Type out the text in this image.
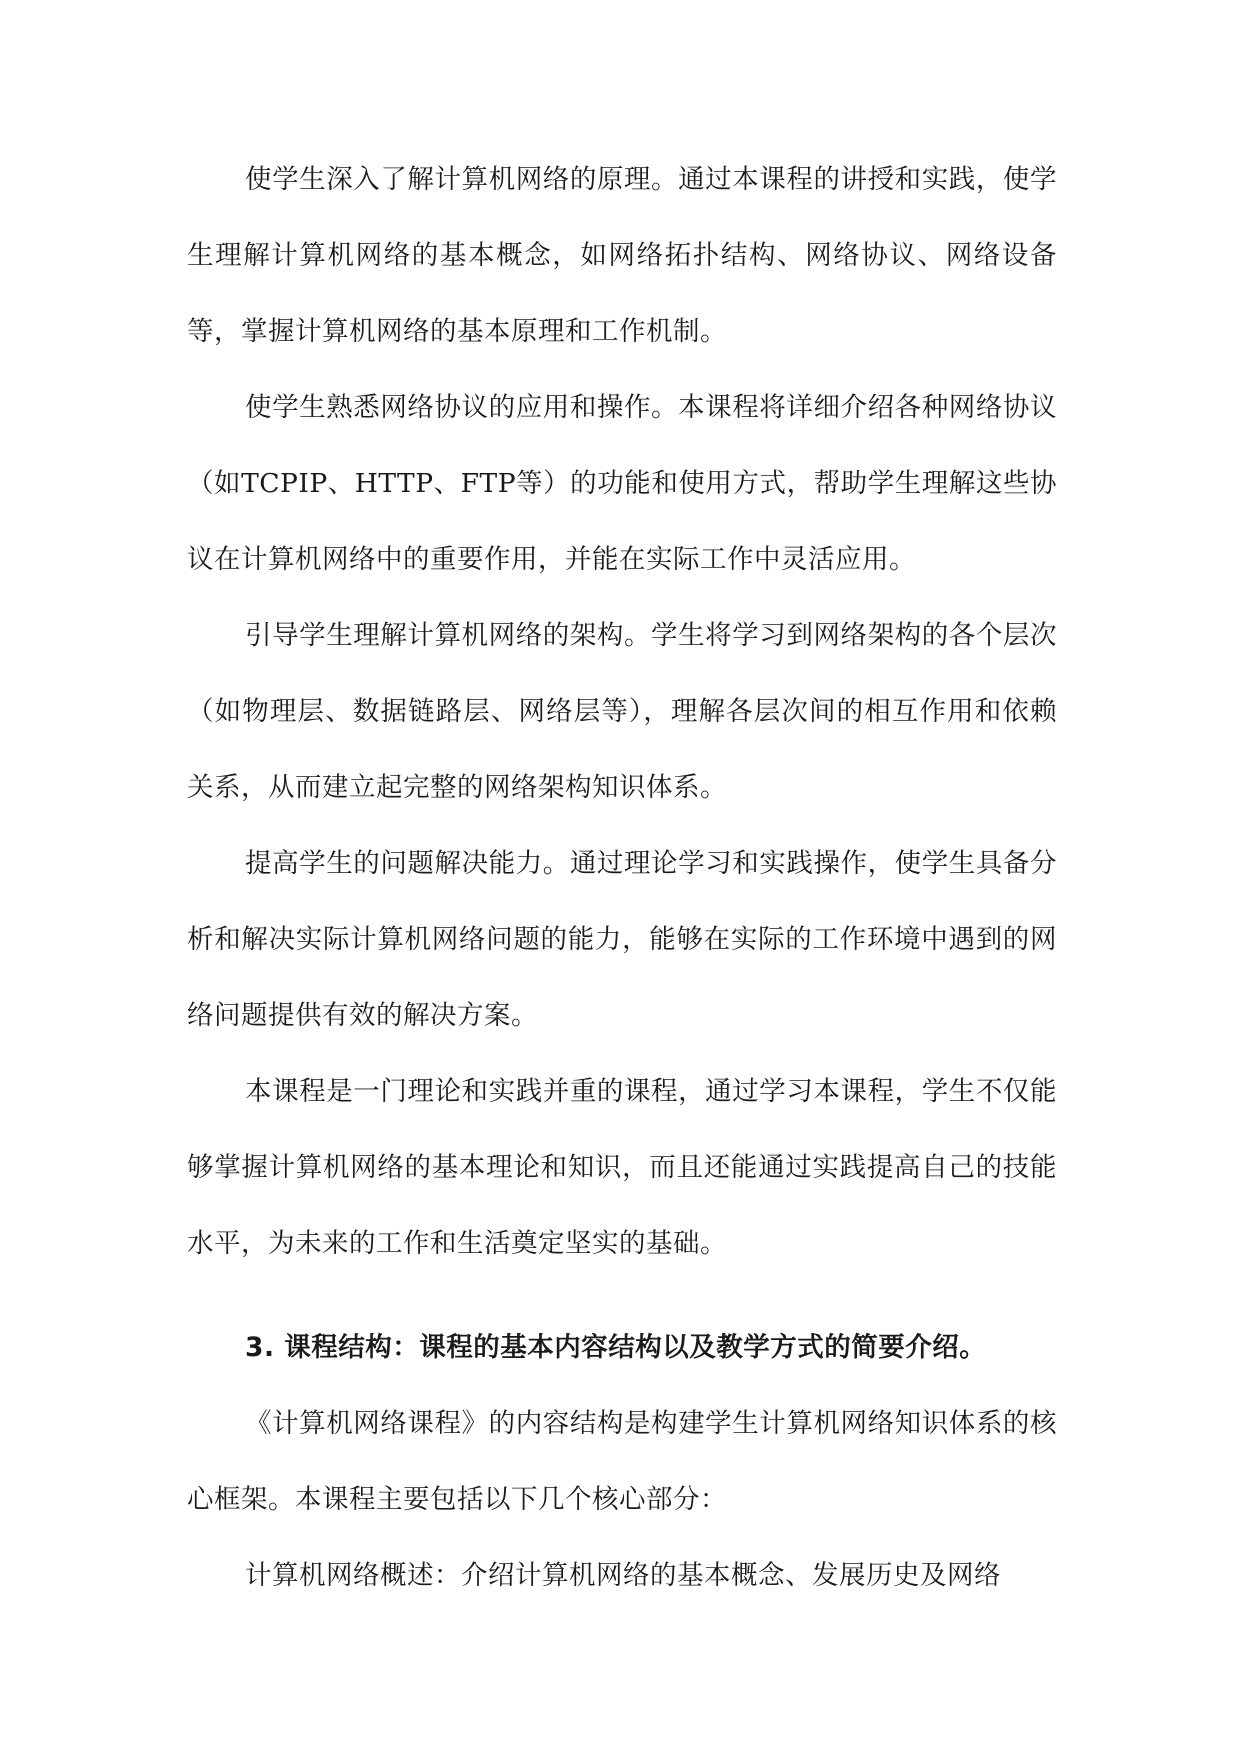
使学生深入了解计算机网络的原理。通过本课程的讲授和实践，使学生理解计算机网络的基本概念，如网络拓扑结构、网络协议、网络设备等，掌握计算机网络的基本原理和工作机制。

使学生熟悉网络协议的应用和操作。本课程将详细介绍各种网络协议（如TCPIP、HTTP、FTP等）的功能和使用方式，帮助学生理解这些协议在计算机网络中的重要作用，并能在实际工作中灵活应用。

引导学生理解计算机网络的架构。学生将学习到网络架构的各个层次（如物理层、数据链路层、网络层等），理解各层次间的相互作用和依赖关系，从而建立起完整的网络架构知识体系。

提高学生的问题解决能力。通过理论学习和实践操作，使学生具备分析和解决实际计算机网络问题的能力，能够在实际的工作环境中遇到的网络问题提供有效的解决方案。

本课程是一门理论和实践并重的课程，通过学习本课程，学生不仅能够掌握计算机网络的基本理论和知识，而且还能通过实践提高自己的技能水平，为未来的工作和生活奠定坚实的基础。

3. 课程结构：课程的基本内容结构以及教学方式的简要介绍。

《计算机网络课程》的内容结构是构建学生计算机网络知识体系的核心框架。本课程主要包括以下几个核心部分：

计算机网络概述：介绍计算机网络的基本概念、发展历史及网络
